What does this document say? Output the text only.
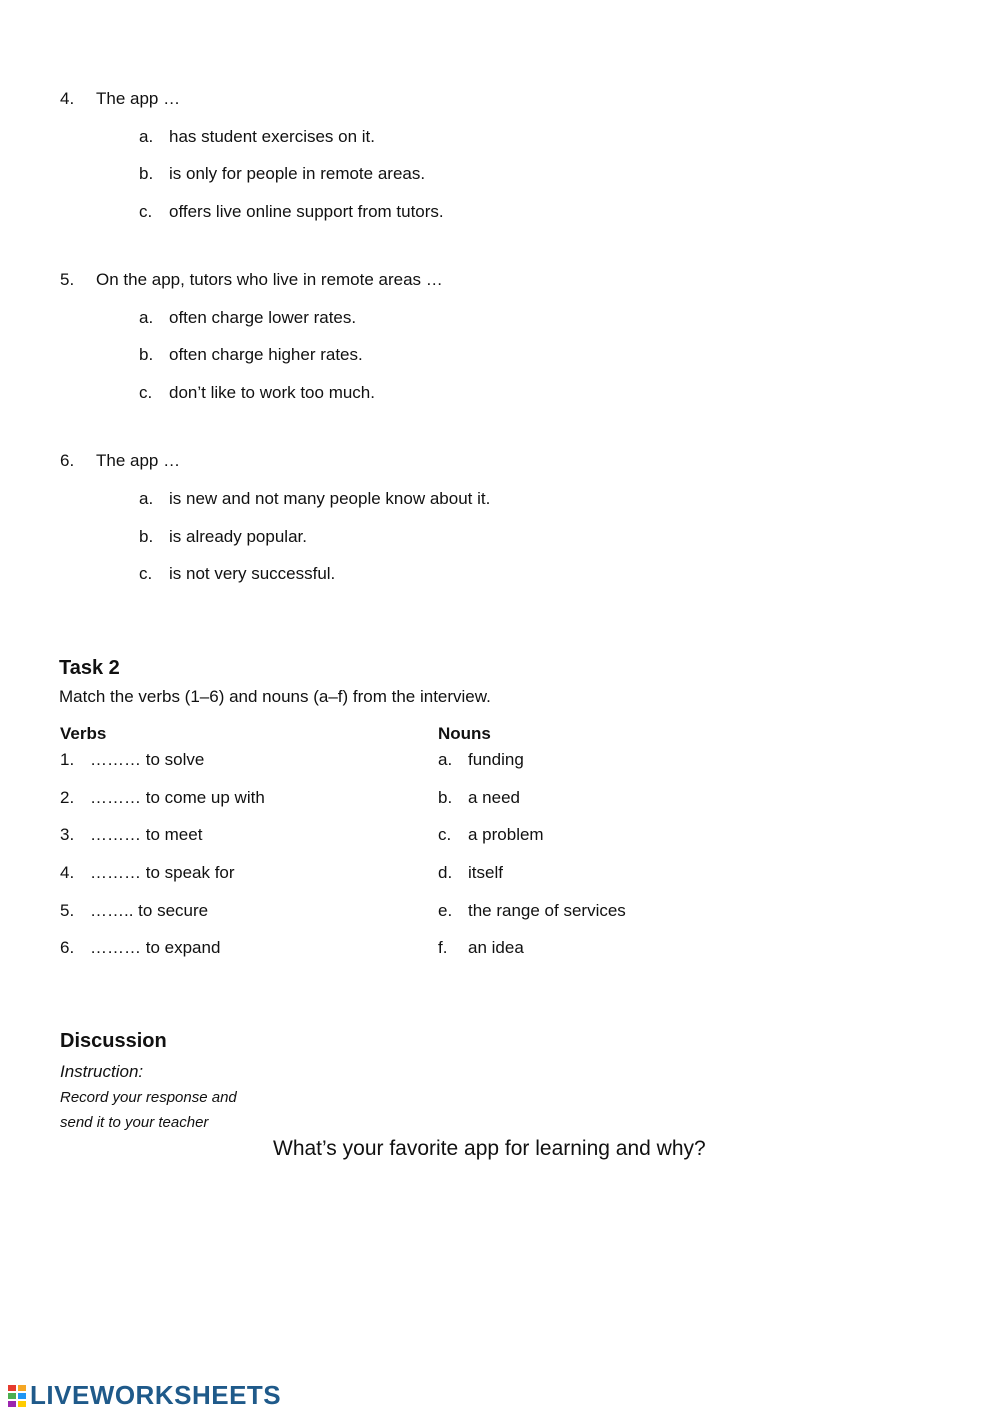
4. The app …
a. has student exercises on it.
b. is only for people in remote areas.
c. offers live online support from tutors.
5. On the app, tutors who live in remote areas …
a. often charge lower rates.
b. often charge higher rates.
c. don’t like to work too much.
6. The app …
a. is new and not many people know about it.
b. is already popular.
c. is not very successful.
Task 2
Match the verbs (1–6) and nouns (a–f) from the interview.
Verbs	Nouns
1. ……… to solve
2. ……… to come up with
3. ……… to meet
4. ……… to speak for
5. …….. to secure
6. ……… to expand
a. funding
b. a need
c. a problem
d. itself
e. the range of services
f. an idea
Discussion
Instruction:
Record your response and
send it to your teacher
What’s your favorite app for learning and why?
LIVEWORKSHEETS
